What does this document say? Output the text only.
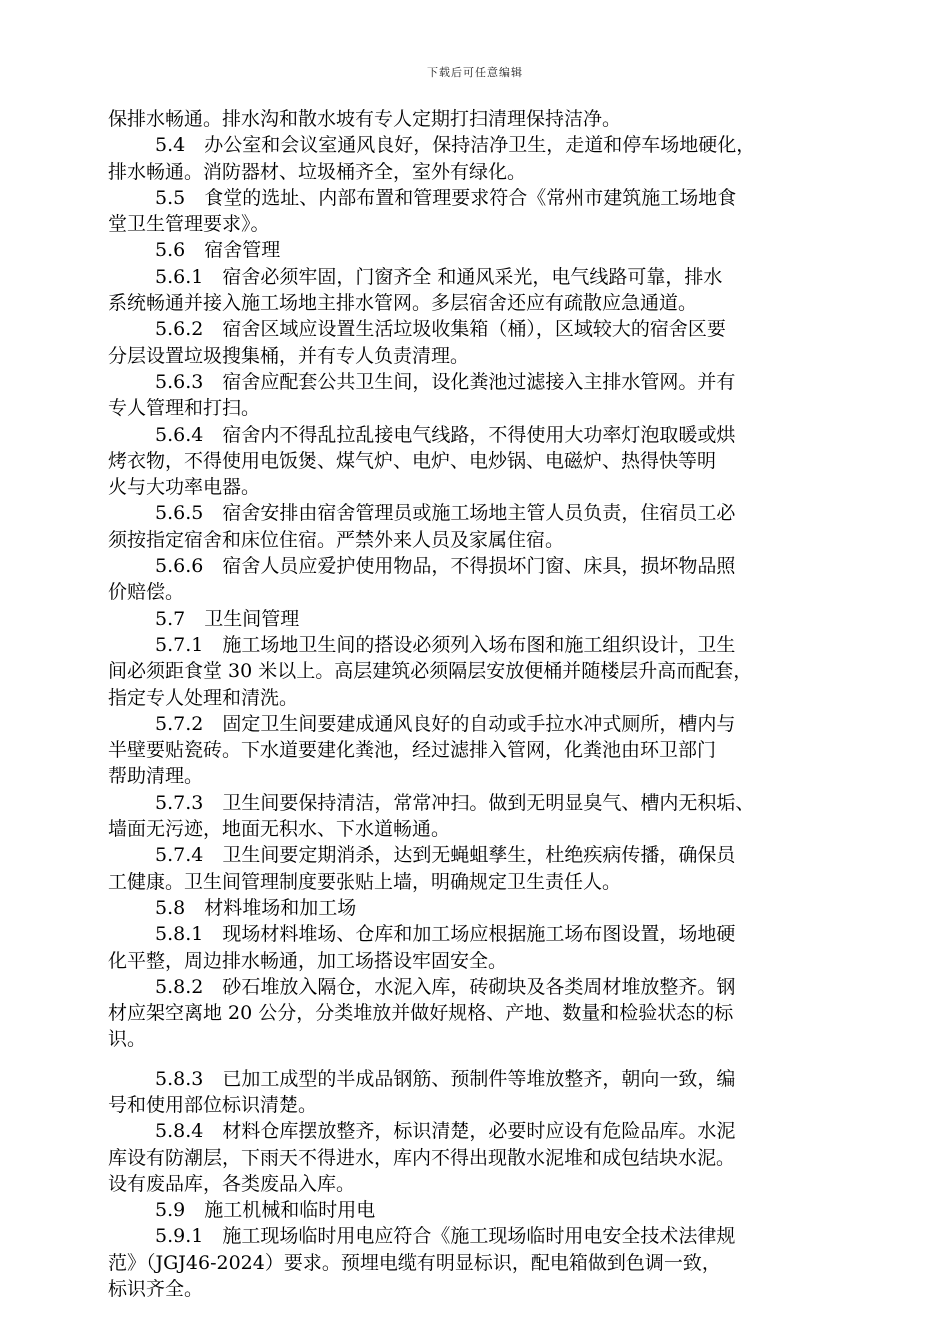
下载后可任意编辑
保排水畅通。排水沟和散水坡有专人定期打扫清理保持洁净。
5.4　办公室和会议室通风良好，保持洁净卫生，走道和停车场地硬化，
排水畅通。消防器材、垃圾桶齐全，室外有绿化。
5.5　食堂的选址、内部布置和管理要求符合《常州市建筑施工场地食
堂卫生管理要求》。
5.6　宿舍管理
5.6.1　宿舍必须牢固，门窗齐全 和通风采光，电气线路可靠，排水
系统畅通并接入施工场地主排水管网。多层宿舍还应有疏散应急通道。
5.6.2　宿舍区域应设置生活垃圾收集箱（桶），区域较大的宿舍区要
分层设置垃圾搜集桶，并有专人负责清理。
5.6.3　宿舍应配套公共卫生间，设化粪池过滤接入主排水管网。并有
专人管理和打扫。
5.6.4　宿舍内不得乱拉乱接电气线路，不得使用大功率灯泡取暖或烘
烤衣物，不得使用电饭煲、煤气炉、电炉、电炒锅、电磁炉、热得快等明
火与大功率电器。
5.6.5　宿舍安排由宿舍管理员或施工场地主管人员负责，住宿员工必
须按指定宿舍和床位住宿。严禁外来人员及家属住宿。
5.6.6　宿舍人员应爱护使用物品，不得损坏门窗、床具，损坏物品照
价赔偿。
5.7　卫生间管理
5.7.1　施工场地卫生间的搭设必须列入场布图和施工组织设计，卫生
间必须距食堂 30 米以上。高层建筑必须隔层安放便桶并随楼层升高而配套，
指定专人处理和清洗。
5.7.2　固定卫生间要建成通风良好的自动或手拉水冲式厕所，槽内与
半壁要贴瓷砖。下水道要建化粪池，经过滤排入管网，化粪池由环卫部门
帮助清理。
5.7.3　卫生间要保持清洁，常常冲扫。做到无明显臭气、槽内无积垢、
墙面无污迹，地面无积水、下水道畅通。
5.7.4　卫生间要定期消杀，达到无蝇蛆孳生，杜绝疾病传播，确保员
工健康。卫生间管理制度要张贴上墙，明确规定卫生责任人。
5.8　材料堆场和加工场
5.8.1　现场材料堆场、仓库和加工场应根据施工场布图设置，场地硬
化平整，周边排水畅通，加工场搭设牢固安全。
5.8.2　砂石堆放入隔仓，水泥入库，砖砌块及各类周材堆放整齐。钢
材应架空离地 20 公分，分类堆放并做好规格、产地、数量和检验状态的标
识。
5.8.3　已加工成型的半成品钢筋、预制件等堆放整齐，朝向一致，编
号和使用部位标识清楚。
5.8.4　材料仓库摆放整齐，标识清楚，必要时应设有危险品库。水泥
库设有防潮层，下雨天不得进水，库内不得出现散水泥堆和成包结块水泥。
设有废品库，各类废品入库。
5.9　施工机械和临时用电
5.9.1　施工现场临时用电应符合《施工现场临时用电安全技术法律规
范》（JGJ46-2024）要求。预埋电缆有明显标识，配电箱做到色调一致，
标识齐全。
